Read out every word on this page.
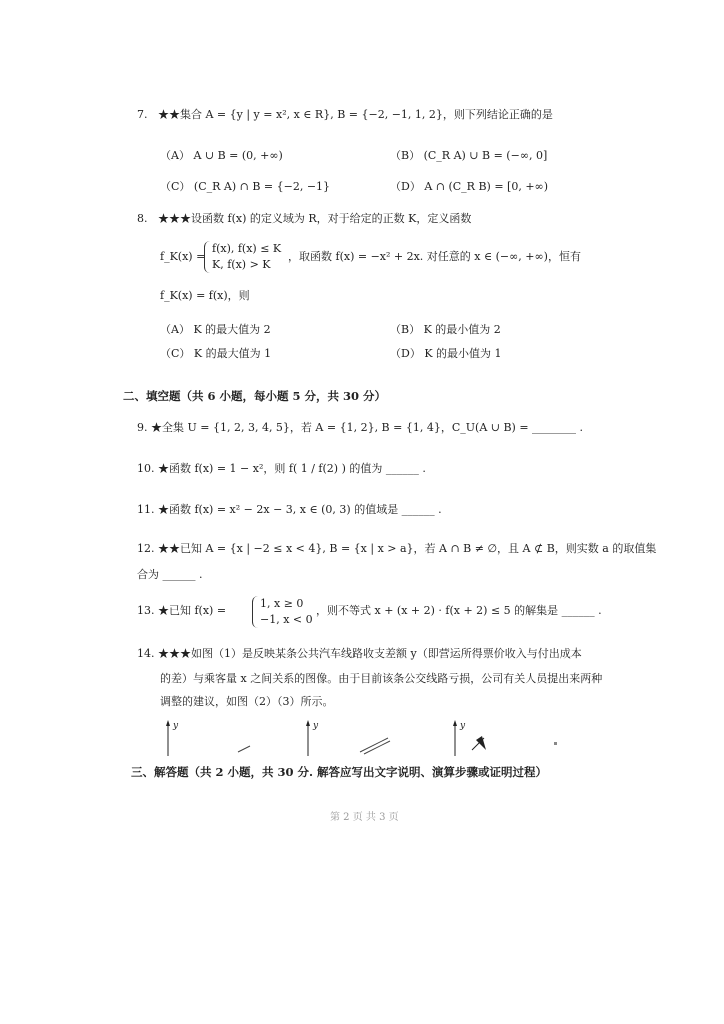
7. ★★集合 A = {y | y = x², x ∈ R}, B = {−2, −1, 1, 2}，则下列结论正确的是
（A） A ∪ B = (0, +∞)	（B） (C_R A) ∪ B = (−∞, 0]
（C） (C_R A) ∩ B = {−2, −1}	（D） A ∩ (C_R B) = [0, +∞)
8. ★★★设函数 f(x) 的定义域为 R，对于给定的正数 K，定义函数
f_K(x) =
f(x), f(x) ≤ K
K, f(x) > K
，取函数 f(x) = −x² + 2x. 对任意的 x ∈ (−∞, +∞)，恒有
f_K(x) = f(x)，则
（A） K 的最大值为 2	（B） K 的最小值为 2
（C） K 的最大值为 1	（D） K 的最小值为 1
二、填空题（共 6 小题，每小题 5 分，共 30 分）
9. ★全集 U = {1, 2, 3, 4, 5}，若 A = {1, 2}, B = {1, 4}，C_U(A ∪ B) = ________ .
10. ★函数 f(x) = 1 − x²，则 f( 1 / f(2) ) 的值为 ______ .
11. ★函数 f(x) = x² − 2x − 3, x ∈ (0, 3) 的值域是 ______ .
12. ★★已知 A = {x | −2 ≤ x < 4}, B = {x | x > a}，若 A ∩ B ≠ ∅，且 A ⊄ B，则实数 a 的取值集
合为 ______ .
13. ★已知 f(x) =
1, x ≥ 0
−1, x < 0
，则不等式 x + (x + 2) · f(x + 2) ≤ 5 的解集是 ______ .
14. ★★★如图（1）是反映某条公共汽车线路收支差额 y（即营运所得票价收入与付出成本
的差）与乘客量 x 之间关系的图像。由于目前该条公交线路亏损，公司有关人员提出来两种
调整的建议，如图（2）（3）所示。
y	y	y
三、解答题（共 2 小题，共 30 分. 解答应写出文字说明、演算步骤或证明过程）
第 2 页 共 3 页
